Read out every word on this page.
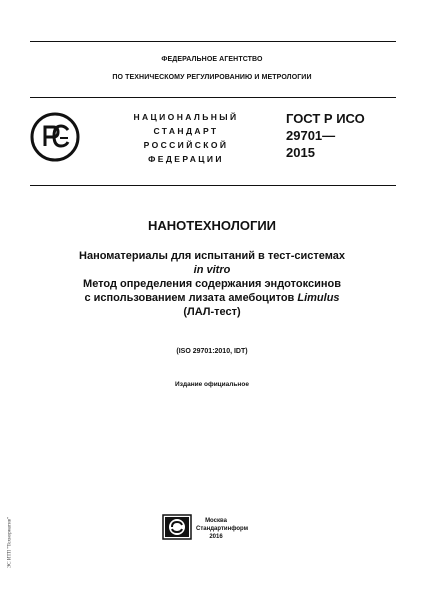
ФЕДЕРАЛЬНОЕ АГЕНТСТВО
ПО ТЕХНИЧЕСКОМУ РЕГУЛИРОВАНИЮ И МЕТРОЛОГИИ
НАЦИОНАЛЬНЫЙ
СТАНДАРТ
РОССИЙСКОЙ
ФЕДЕРАЦИИ
ГОСТ Р ИСО
29701—
2015
НАНОТЕХНОЛОГИИ
Наноматериалы для испытаний в тест-системах
in vitro
Метод определения содержания эндотоксинов
с использованием лизата амебоцитов Limulus
(ЛАЛ-тест)
(ISO 29701:2010, IDT)
Издание официальное
Москва
Стандартинформ
2016
ЭС ИТП "Технорматив"
